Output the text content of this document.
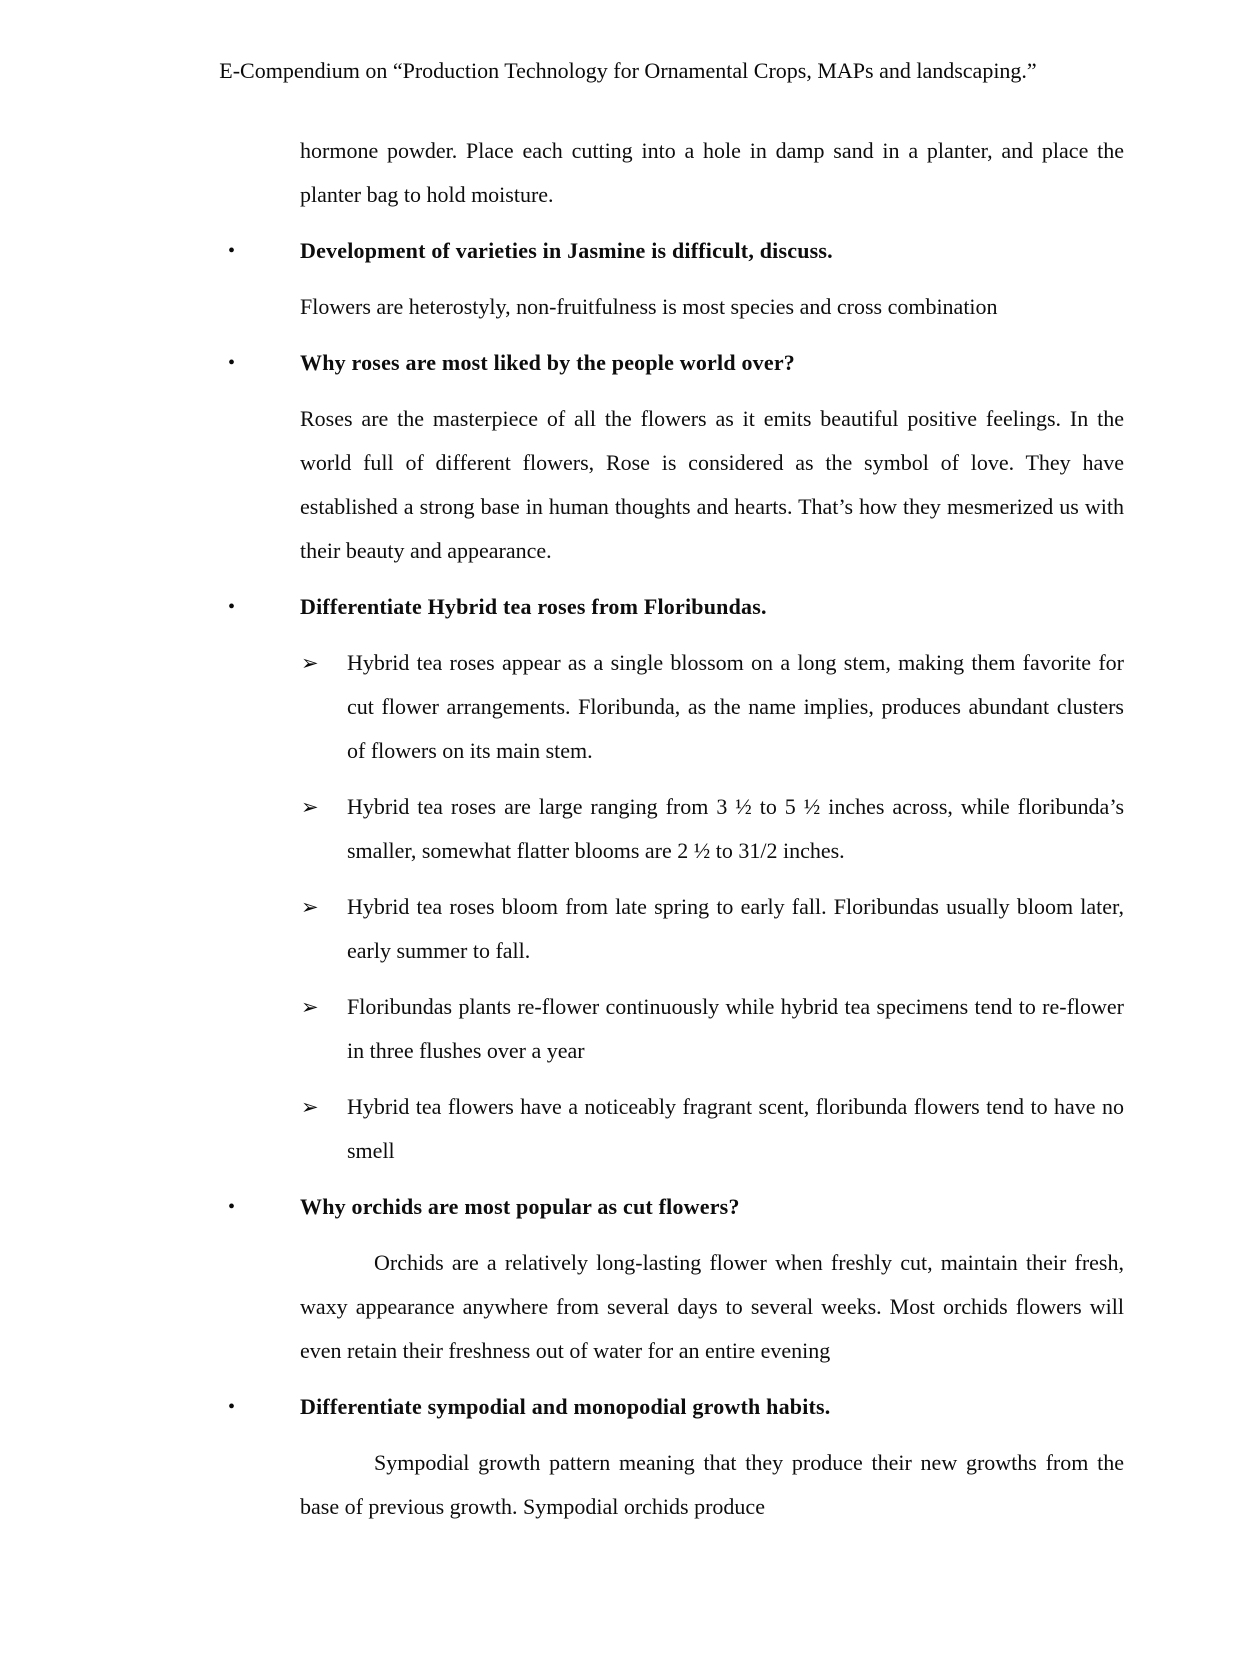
E-Compendium on “Production Technology for Ornamental Crops, MAPs and landscaping.”
hormone powder. Place each cutting into a hole in damp sand in a planter, and place the planter bag to hold moisture.
•	Development of varieties in Jasmine is difficult, discuss.
Flowers are heterostyly, non-fruitfulness is most species and cross combination
•	Why roses are most liked by the people world over?
Roses are the masterpiece of all the flowers as it emits beautiful positive feelings. In the world full of different flowers, Rose is considered as the symbol of love. They have established a strong base in human thoughts and hearts. That’s how they mesmerized us with their beauty and appearance.
•	Differentiate Hybrid tea roses from Floribundas.
➢ Hybrid tea roses appear as a single blossom on a long stem, making them favorite for cut flower arrangements. Floribunda, as the name implies, produces abundant clusters of flowers on its main stem.
➢ Hybrid tea roses are large ranging from 3 ½ to 5 ½ inches across, while floribunda’s smaller, somewhat flatter blooms are 2 ½ to 31/2 inches.
➢ Hybrid tea roses bloom from late spring to early fall. Floribundas usually bloom later, early summer to fall.
➢ Floribundas plants re-flower continuously while hybrid tea specimens tend to re-flower in three flushes over a year
➢ Hybrid tea flowers have a noticeably fragrant scent, floribunda flowers tend to have no smell
•	Why orchids are most popular as cut flowers?
Orchids are a relatively long-lasting flower when freshly cut, maintain their fresh, waxy appearance anywhere from several days to several weeks. Most orchids flowers will even retain their freshness out of water for an entire evening
•	Differentiate sympodial and monopodial growth habits.
Sympodial growth pattern meaning that they produce their new growths from the base of previous growth. Sympodial orchids produce
